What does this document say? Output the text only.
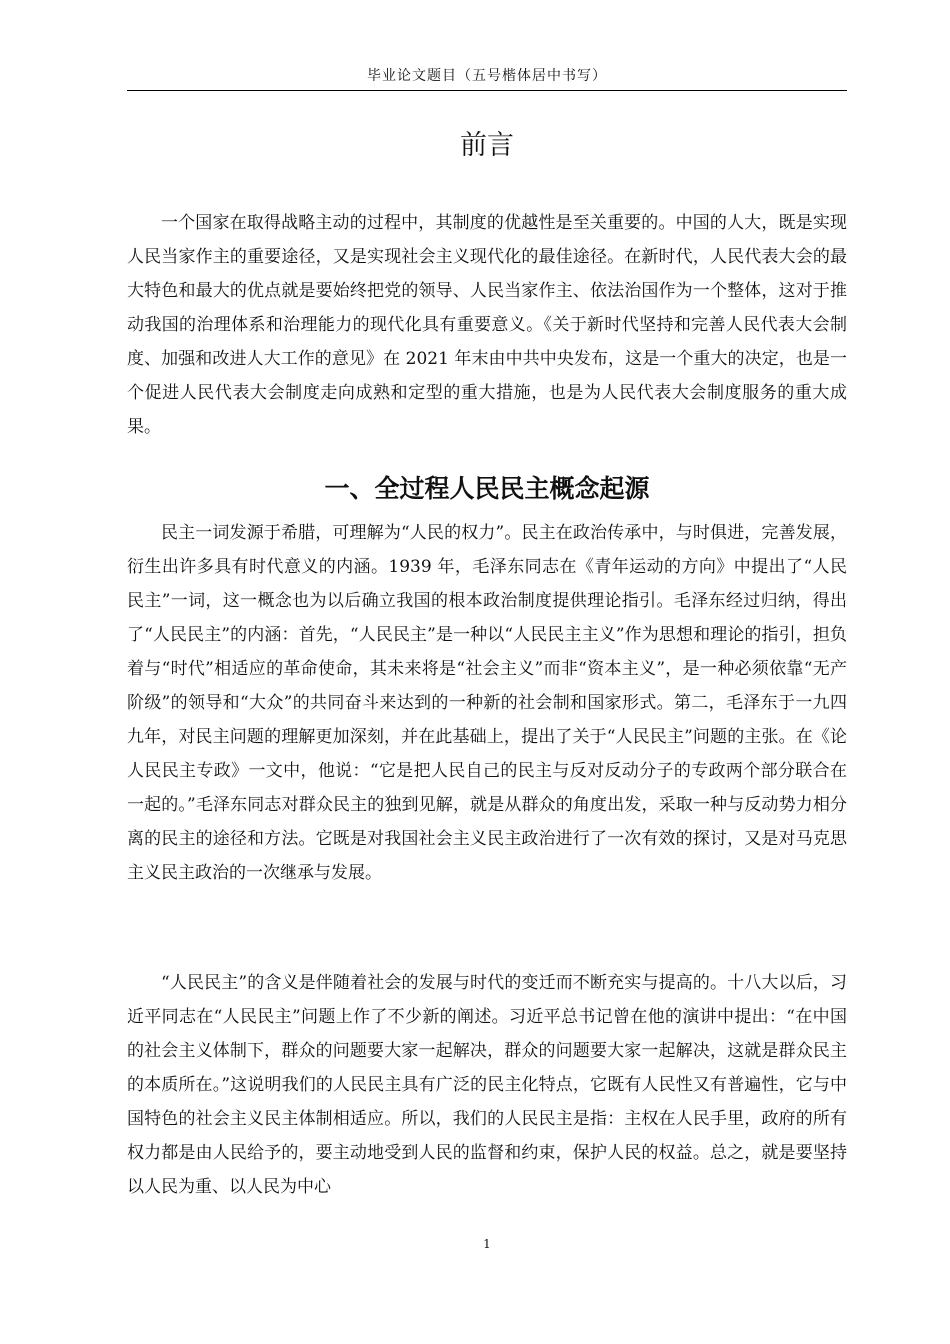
毕业论文题目（五号楷体居中书写）
前言

一个国家在取得战略主动的过程中，其制度的优越性是至关重要的。中国的人大，既是实现人民当家作主的重要途径，又是实现社会主义现代化的最佳途径。在新时代，人民代表大会的最大特色和最大的优点就是要始终把党的领导、人民当家作主、依法治国作为一个整体，这对于推动我国的治理体系和治理能力的现代化具有重要意义。《关于新时代坚持和完善人民代表大会制度、加强和改进人大工作的意见》在 2021 年末由中共中央发布，这是一个重大的决定，也是一个促进人民代表大会制度走向成熟和定型的重大措施，也是为人民代表大会制度服务的重大成果。

一、全过程人民民主概念起源

民主一词发源于希腊，可理解为“人民的权力”。民主在政治传承中，与时俱进，完善发展，衍生出许多具有时代意义的内涵。1939 年，毛泽东同志在《青年运动的方向》中提出了“人民民主”一词，这一概念也为以后确立我国的根本政治制度提供理论指引。毛泽东经过归纳，得出了“人民民主”的内涵：首先，“人民民主”是一种以“人民民主主义”作为思想和理论的指引，担负着与“时代”相适应的革命使命，其未来将是“社会主义”而非“资本主义”，是一种必须依靠“无产阶级”的领导和“大众”的共同奋斗来达到的一种新的社会制和国家形式。第二，毛泽东于一九四九年，对民主问题的理解更加深刻，并在此基础上，提出了关于“人民民主”问题的主张。在《论人民民主专政》一文中，他说：“它是把人民自己的民主与反对反动分子的专政两个部分联合在一起的。”毛泽东同志对群众民主的独到见解，就是从群众的角度出发，采取一种与反动势力相分离的民主的途径和方法。它既是对我国社会主义民主政治进行了一次有效的探讨，又是对马克思主义民主政治的一次继承与发展。

“人民民主”的含义是伴随着社会的发展与时代的变迁而不断充实与提高的。十八大以后，习近平同志在“人民民主”问题上作了不少新的阐述。习近平总书记曾在他的演讲中提出：“在中国的社会主义体制下，群众的问题要大家一起解决，群众的问题要大家一起解决，这就是群众民主的本质所在。”这说明我们的人民民主具有广泛的民主化特点，它既有人民性又有普遍性，它与中国特色的社会主义民主体制相适应。所以，我们的人民民主是指：主权在人民手里，政府的所有权力都是由人民给予的，要主动地受到人民的监督和约束，保护人民的权益。总之，就是要坚持以人民为重、以人民为中心

1
